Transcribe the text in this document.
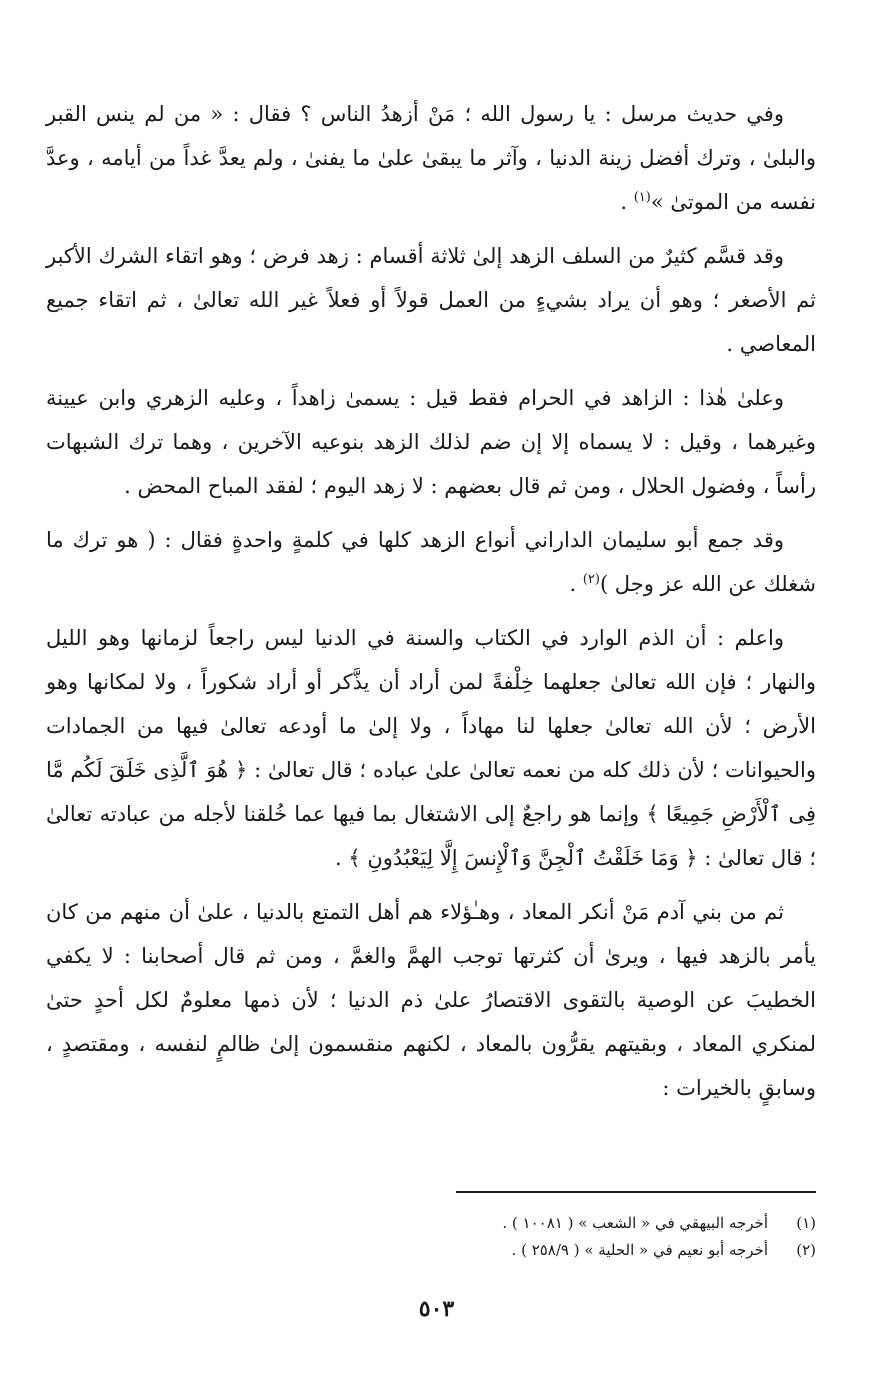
وفي حديث مرسل : يا رسول الله ؛ مَنْ أزهدُ الناس ؟ فقال : « من لم ينس القبر والبلىٰ ، وترك أفضل زينة الدنيا ، وآثر ما يبقىٰ علىٰ ما يفنىٰ ، ولم يعدَّ غداً من أيامه ، وعدَّ نفسه من الموتىٰ »$^{(١)}$ .

وقد قسَّم كثيرٌ من السلف الزهد إلىٰ ثلاثة أقسام : زهد فرض ؛ وهو اتقاء الشرك الأكبر ثم الأصغر ؛ وهو أن يراد بشيءٍ من العمل قولاً أو فعلاً غير الله تعالىٰ ، ثم اتقاء جميع المعاصي .

وعلىٰ هٰذا : الزاهد في الحرام فقط قيل : يسمىٰ زاهداً ، وعليه الزهري وابن عيينة وغيرهما ، وقيل : لا يسماه إلا إن ضم لذلك الزهد بنوعيه الآخرين ، وهما ترك الشبهات رأساً ، وفضول الحلال ، ومن ثم قال بعضهم : لا زهد اليوم ؛ لفقد المباح المحض .

وقد جمع أبو سليمان الداراني أنواع الزهد كلها في كلمةٍ واحدةٍ فقال : ( هو ترك ما شغلك عن الله عز وجل )$^{(٢)}$ .

واعلم : أن الذم الوارد في الكتاب والسنة في الدنيا ليس راجعاً لزمانها وهو الليل والنهار ؛ فإن الله تعالىٰ جعلهما خِلْفةً لمن أراد أن يذَّكر أو أراد شكوراً ، ولا لمكانها وهو الأرض ؛ لأن الله تعالىٰ جعلها لنا مهاداً ، ولا إلىٰ ما أودعه تعالىٰ فيها من الجمادات والحيوانات ؛ لأن ذلك كله من نعمه تعالىٰ علىٰ عباده ؛ قال تعالىٰ : ﴿ هُوَ ٱلَّذِى خَلَقَ لَكُم مَّا فِى ٱلْأَرْضِ جَمِيعًا ﴾ وإنما هو راجعٌ إلى الاشتغال بما فيها عما خُلقنا لأجله من عبادته تعالىٰ ؛ قال تعالىٰ : ﴿ وَمَا خَلَقْتُ ٱلْجِنَّ وَٱلْإِنسَ إِلَّا لِيَعْبُدُونِ ﴾ .

ثم من بني آدم مَنْ أنكر المعاد ، وهـٰؤلاء هم أهل التمتع بالدنيا ، علىٰ أن منهم من كان يأمر بالزهد فيها ، ويرىٰ أن كثرتها توجب الهمَّ والغمَّ ، ومن ثم قال أصحابنا : لا يكفي الخطيبَ عن الوصية بالتقوى الاقتصارُ علىٰ ذم الدنيا ؛ لأن ذمها معلومٌ لكل أحدٍ حتىٰ لمنكري المعاد ، وبقيتهم يقرُّون بالمعاد ، لكنهم منقسمون إلىٰ ظالمٍ لنفسه ، ومقتصدٍ ، وسابقٍ بالخيرات :

(١)أخرجه البيهقي في « الشعب » ( ١٠٠٨١ ) .

(٢)أخرجه أبو نعيم في « الحلية » ( ٢٥٨/٩ ) .

٥٠٣
